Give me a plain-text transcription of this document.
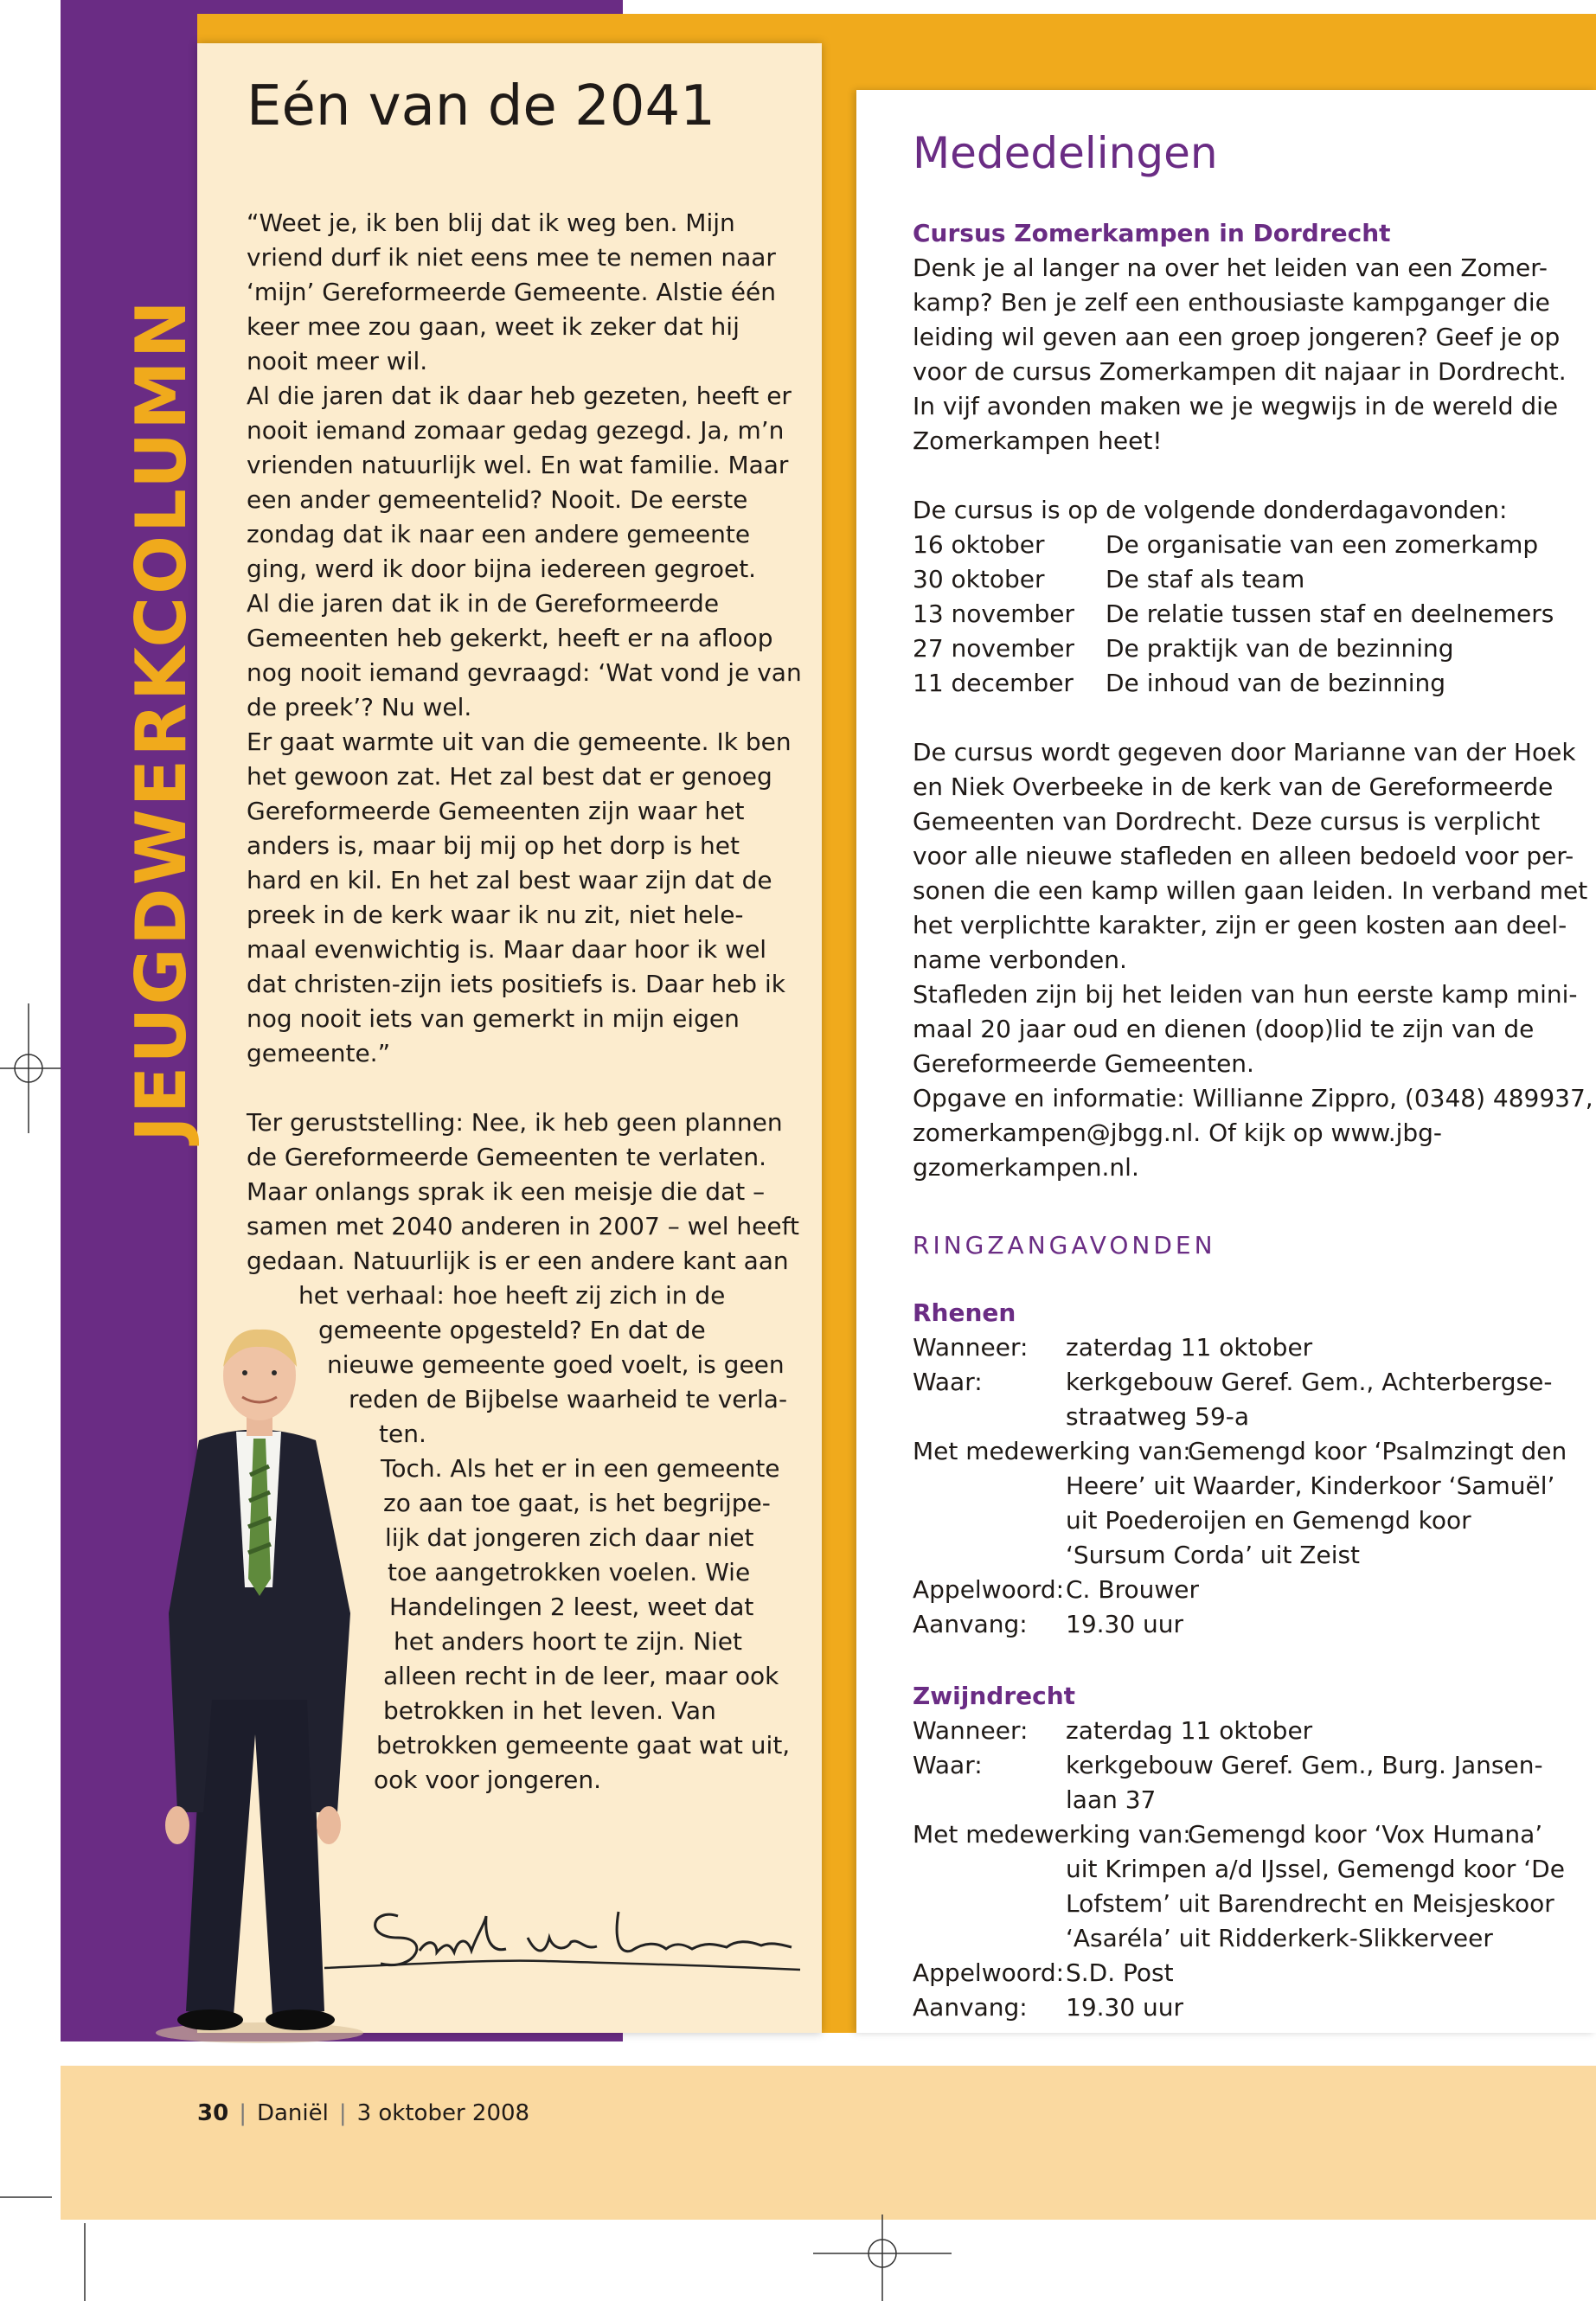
JEUGDWERKCOLUMN
Eén van de 2041
“Weet je, ik ben blij dat ik weg ben. Mijn
vriend durf ik niet eens mee te nemen naar
‘mijn’ Gereformeerde Gemeente. Alstie één
keer mee zou gaan, weet ik zeker dat hij
nooit meer wil.
Al die jaren dat ik daar heb gezeten, heeft er
nooit iemand zomaar gedag gezegd. Ja, m’n
vrienden natuurlijk wel. En wat familie. Maar
een ander gemeentelid? Nooit. De eerste
zondag dat ik naar een andere gemeente
ging, werd ik door bijna iedereen gegroet.
Al die jaren dat ik in de Gereformeerde
Gemeenten heb gekerkt, heeft er na afloop
nog nooit iemand gevraagd: ‘Wat vond je van
de preek’? Nu wel.
Er gaat warmte uit van die gemeente. Ik ben
het gewoon zat. Het zal best dat er genoeg
Gereformeerde Gemeenten zijn waar het
anders is, maar bij mij op het dorp is het
hard en kil. En het zal best waar zijn dat de
preek in de kerk waar ik nu zit, niet hele-
maal evenwichtig is. Maar daar hoor ik wel
dat christen-zijn iets positiefs is. Daar heb ik
nog nooit iets van gemerkt in mijn eigen
gemeente.”
Ter geruststelling: Nee, ik heb geen plannen
de Gereformeerde Gemeenten te verlaten.
Maar onlangs sprak ik een meisje die dat –
samen met 2040 anderen in 2007 – wel heeft
gedaan. Natuurlijk is er een andere kant aan
het verhaal: hoe heeft zij zich in de
gemeente opgesteld? En dat de
nieuwe gemeente goed voelt, is geen
reden de Bijbelse waarheid te verla-
ten.
Toch. Als het er in een gemeente
zo aan toe gaat, is het begrijpe-
lijk dat jongeren zich daar niet
toe aangetrokken voelen. Wie
Handelingen 2 leest, weet dat
het anders hoort te zijn. Niet
alleen recht in de leer, maar ook
betrokken in het leven. Van
betrokken gemeente gaat wat uit,
ook voor jongeren.
Mededelingen
Cursus Zomerkampen in Dordrecht
Denk je al langer na over het leiden van een Zomer-
kamp? Ben je zelf een enthousiaste kampganger die
leiding wil geven aan een groep jongeren? Geef je op
voor de cursus Zomerkampen dit najaar in Dordrecht.
In vijf avonden maken we je wegwijs in de wereld die
Zomerkampen heet!
De cursus is op de volgende donderdagavonden:
16 oktober	De organisatie van een zomerkamp
30 oktober	De staf als team
13 november De relatie tussen staf en deelnemers
27 november De praktijk van de bezinning
11 december De inhoud van de bezinning
De cursus wordt gegeven door Marianne van der Hoek
en Niek Overbeeke in de kerk van de Gereformeerde
Gemeenten van Dordrecht. Deze cursus is verplicht
voor alle nieuwe stafleden en alleen bedoeld voor per-
sonen die een kamp willen gaan leiden. In verband met
het verplichtte karakter, zijn er geen kosten aan deel-
name verbonden.
Stafleden zijn bij het leiden van hun eerste kamp mini-
maal 20 jaar oud en dienen (doop)lid te zijn van de
Gereformeerde Gemeenten.
Opgave en informatie: Willianne Zippro, (0348) 489937,
zomerkampen@jbgg.nl. Of kijk op www.jbg-
gzomerkampen.nl.
RINGZANGAVONDEN
Rhenen
Wanneer: zaterdag 11 oktober
Waar:	kerkgebouw Geref. Gem., Achterbergse-
straatweg 59-a
Met medewerking van:
Gemengd koor ‘Psalmzingt den
Heere’ uit Waarder, Kinderkoor ‘Samuël’
uit Poederoijen en Gemengd koor
‘Sursum Corda’ uit Zeist
Appelwoord: C. Brouwer
Aanvang: 19.30 uur
Zwijndrecht
Wanneer: zaterdag 11 oktober
Waar:	kerkgebouw Geref. Gem., Burg. Jansen-
laan 37
Met medewerking van:
Gemengd koor ‘Vox Humana’
uit Krimpen a/d IJssel, Gemengd koor ‘De
Lofstem’ uit Barendrecht en Meisjeskoor
‘Asaréla’ uit Ridderkerk-Slikkerveer
Appelwoord: S.D. Post
Aanvang: 19.30 uur
30 | Daniël | 3 oktober 2008
